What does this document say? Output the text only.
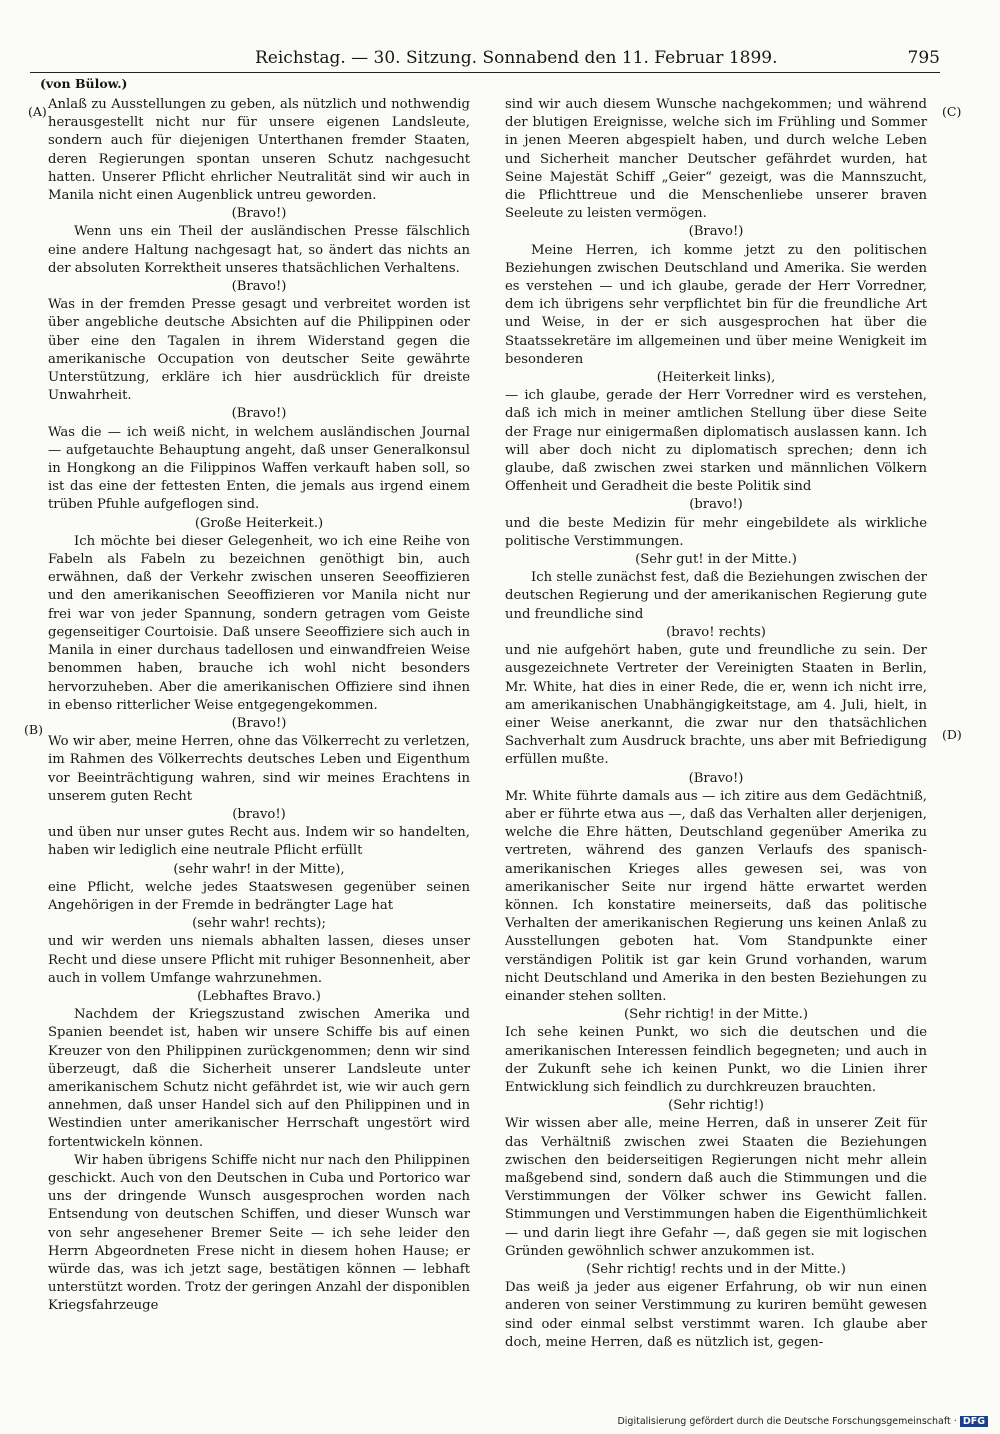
Reichstag. — 30. Sitzung. Sonnabend den 11. Februar 1899.	795
(von Bülow.)
(A)
(B)
(C)
(D)

Anlaß zu Ausstellungen zu geben, als nützlich und nothwendig herausgestellt nicht nur für unsere eigenen Landsleute, sondern auch für diejenigen Unterthanen fremder Staaten, deren Regierungen spontan unseren Schutz nachgesucht hatten. Unserer Pflicht ehrlicher Neutralität sind wir auch in Manila nicht einen Augenblick untreu geworden.

(Bravo!)

Wenn uns ein Theil der ausländischen Presse fälschlich eine andere Haltung nachgesagt hat, so ändert das nichts an der absoluten Korrektheit unseres thatsächlichen Verhaltens.

(Bravo!)

Was in der fremden Presse gesagt und verbreitet worden ist über angebliche deutsche Absichten auf die Philippinen oder über eine den Tagalen in ihrem Widerstand gegen die amerikanische Occupation von deutscher Seite gewährte Unterstützung, erkläre ich hier ausdrücklich für dreiste Unwahrheit.

(Bravo!)

Was die — ich weiß nicht, in welchem ausländischen Journal — aufgetauchte Behauptung angeht, daß unser Generalkonsul in Hongkong an die Filippinos Waffen verkauft haben soll, so ist das eine der fettesten Enten, die jemals aus irgend einem trüben Pfuhle aufgeflogen sind.

(Große Heiterkeit.)

Ich möchte bei dieser Gelegenheit, wo ich eine Reihe von Fabeln als Fabeln zu bezeichnen genöthigt bin, auch erwähnen, daß der Verkehr zwischen unseren Seeoffizieren und den amerikanischen Seeoffizieren vor Manila nicht nur frei war von jeder Spannung, sondern getragen vom Geiste gegenseitiger Courtoisie. Daß unsere Seeoffiziere sich auch in Manila in einer durchaus tadellosen und einwandfreien Weise benommen haben, brauche ich wohl nicht besonders hervorzuheben. Aber die amerikanischen Offiziere sind ihnen in ebenso ritterlicher Weise entgegengekommen.

(Bravo!)

Wo wir aber, meine Herren, ohne das Völkerrecht zu verletzen, im Rahmen des Völkerrechts deutsches Leben und Eigenthum vor Beeinträchtigung wahren, sind wir meines Erachtens in unserem guten Recht

(bravo!)

und üben nur unser gutes Recht aus. Indem wir so handelten, haben wir lediglich eine neutrale Pflicht erfüllt

(sehr wahr! in der Mitte),

eine Pflicht, welche jedes Staatswesen gegenüber seinen Angehörigen in der Fremde in bedrängter Lage hat

(sehr wahr! rechts);

und wir werden uns niemals abhalten lassen, dieses unser Recht und diese unsere Pflicht mit ruhiger Besonnenheit, aber auch in vollem Umfange wahrzunehmen.

(Lebhaftes Bravo.)

Nachdem der Kriegszustand zwischen Amerika und Spanien beendet ist, haben wir unsere Schiffe bis auf einen Kreuzer von den Philippinen zurückgenommen; denn wir sind überzeugt, daß die Sicherheit unserer Landsleute unter amerikanischem Schutz nicht gefährdet ist, wie wir auch gern annehmen, daß unser Handel sich auf den Philippinen und in Westindien unter amerikanischer Herrschaft ungestört wird fortentwickeln können.

Wir haben übrigens Schiffe nicht nur nach den Philippinen geschickt. Auch von den Deutschen in Cuba und Portorico war uns der dringende Wunsch ausgesprochen worden nach Entsendung von deutschen Schiffen, und dieser Wunsch war von sehr angesehener Bremer Seite — ich sehe leider den Herrn Abgeordneten Frese nicht in diesem hohen Hause; er würde das, was ich jetzt sage, bestätigen können — lebhaft unterstützt worden. Trotz der geringen Anzahl der disponiblen Kriegsfahrzeuge

sind wir auch diesem Wunsche nachgekommen; und während der blutigen Ereignisse, welche sich im Frühling und Sommer in jenen Meeren abgespielt haben, und durch welche Leben und Sicherheit mancher Deutscher gefährdet wurden, hat Seine Majestät Schiff „Geier“ gezeigt, was die Mannszucht, die Pflichttreue und die Menschenliebe unserer braven Seeleute zu leisten vermögen.

(Bravo!)

Meine Herren, ich komme jetzt zu den politischen Beziehungen zwischen Deutschland und Amerika. Sie werden es verstehen — und ich glaube, gerade der Herr Vorredner, dem ich übrigens sehr verpflichtet bin für die freundliche Art und Weise, in der er sich ausgesprochen hat über die Staatssekretäre im allgemeinen und über meine Wenigkeit im besonderen

(Heiterkeit links),

— ich glaube, gerade der Herr Vorredner wird es verstehen, daß ich mich in meiner amtlichen Stellung über diese Seite der Frage nur einigermaßen diplomatisch auslassen kann. Ich will aber doch nicht zu diplomatisch sprechen; denn ich glaube, daß zwischen zwei starken und männlichen Völkern Offenheit und Geradheit die beste Politik sind

(bravo!)

und die beste Medizin für mehr eingebildete als wirkliche politische Verstimmungen.

(Sehr gut! in der Mitte.)

Ich stelle zunächst fest, daß die Beziehungen zwischen der deutschen Regierung und der amerikanischen Regierung gute und freundliche sind

(bravo! rechts)

und nie aufgehört haben, gute und freundliche zu sein. Der ausgezeichnete Vertreter der Vereinigten Staaten in Berlin, Mr. White, hat dies in einer Rede, die er, wenn ich nicht irre, am amerikanischen Unabhängigkeitstage, am 4. Juli, hielt, in einer Weise anerkannt, die zwar nur den thatsächlichen Sachverhalt zum Ausdruck brachte, uns aber mit Befriedigung erfüllen mußte.

(Bravo!)

Mr. White führte damals aus — ich zitire aus dem Gedächtniß, aber er führte etwa aus —, daß das Verhalten aller derjenigen, welche die Ehre hätten, Deutschland gegenüber Amerika zu vertreten, während des ganzen Verlaufs des spanisch-amerikanischen Krieges alles gewesen sei, was von amerikanischer Seite nur irgend hätte erwartet werden können. Ich konstatire meinerseits, daß das politische Verhalten der amerikanischen Regierung uns keinen Anlaß zu Ausstellungen geboten hat. Vom Standpunkte einer verständigen Politik ist gar kein Grund vorhanden, warum nicht Deutschland und Amerika in den besten Beziehungen zu einander stehen sollten.

(Sehr richtig! in der Mitte.)

Ich sehe keinen Punkt, wo sich die deutschen und die amerikanischen Interessen feindlich begegneten; und auch in der Zukunft sehe ich keinen Punkt, wo die Linien ihrer Entwicklung sich feindlich zu durchkreuzen brauchten.

(Sehr richtig!)

Wir wissen aber alle, meine Herren, daß in unserer Zeit für das Verhältniß zwischen zwei Staaten die Beziehungen zwischen den beiderseitigen Regierungen nicht mehr allein maßgebend sind, sondern daß auch die Stimmungen und die Verstimmungen der Völker schwer ins Gewicht fallen. Stimmungen und Verstimmungen haben die Eigenthümlichkeit — und darin liegt ihre Gefahr —, daß gegen sie mit logischen Gründen gewöhnlich schwer anzukommen ist.

(Sehr richtig! rechts und in der Mitte.)

Das weiß ja jeder aus eigener Erfahrung, ob wir nun einen anderen von seiner Verstimmung zu kuriren bemüht gewesen sind oder einmal selbst verstimmt waren. Ich glaube aber doch, meine Herren, daß es nützlich ist, gegen-

Digitalisierung gefördert durch die Deutsche Forschungsgemeinschaft · DFG
